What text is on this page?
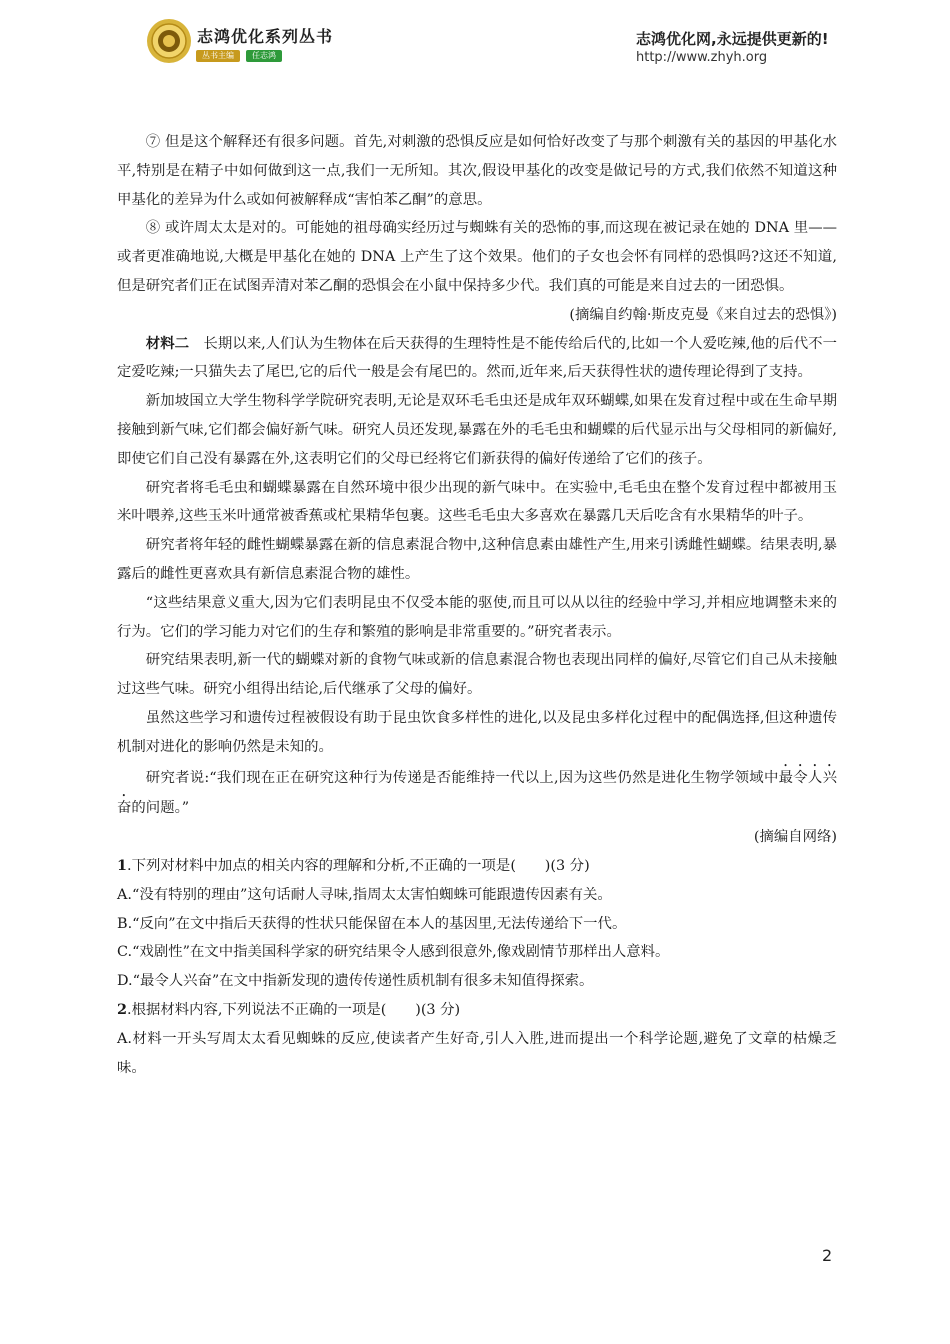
志鸿优化系列丛书
丛书主编	任志鸿
志鸿优化网,永远提供更新的!
http://www.zhyh.org

⑦ 但是这个解释还有很多问题。首先,对刺激的恐惧反应是如何恰好改变了与那个刺激有关的基因的甲基化水平,特别是在精子中如何做到这一点,我们一无所知。其次,假设甲基化的改变是做记号的方式,我们依然不知道这种甲基化的差异为什么或如何被解释成“害怕苯乙酮”的意思。

⑧ 或许周太太是对的。可能她的祖母确实经历过与蜘蛛有关的恐怖的事,而这现在被记录在她的 DNA 里——或者更准确地说,大概是甲基化在她的 DNA 上产生了这个效果。他们的子女也会怀有同样的恐惧吗?这还不知道,但是研究者们正在试图弄清对苯乙酮的恐惧会在小鼠中保持多少代。我们真的可能是来自过去的一团恐惧。

(摘编自约翰·斯皮克曼《来自过去的恐惧》)

材料二　长期以来,人们认为生物体在后天获得的生理特性是不能传给后代的,比如一个人爱吃辣,他的后代不一定爱吃辣;一只猫失去了尾巴,它的后代一般是会有尾巴的。然而,近年来,后天获得性状的遗传理论得到了支持。

新加坡国立大学生物科学学院研究表明,无论是双环毛毛虫还是成年双环蝴蝶,如果在发育过程中或在生命早期接触到新气味,它们都会偏好新气味。研究人员还发现,暴露在外的毛毛虫和蝴蝶的后代显示出与父母相同的新偏好,即使它们自己没有暴露在外,这表明它们的父母已经将它们新获得的偏好传递给了它们的孩子。

研究者将毛毛虫和蝴蝶暴露在自然环境中很少出现的新气味中。在实验中,毛毛虫在整个发育过程中都被用玉米叶喂养,这些玉米叶通常被香蕉或杧果精华包裹。这些毛毛虫大多喜欢在暴露几天后吃含有水果精华的叶子。

研究者将年轻的雌性蝴蝶暴露在新的信息素混合物中,这种信息素由雄性产生,用来引诱雌性蝴蝶。结果表明,暴露后的雌性更喜欢具有新信息素混合物的雄性。

“这些结果意义重大,因为它们表明昆虫不仅受本能的驱使,而且可以从以往的经验中学习,并相应地调整未来的行为。它们的学习能力对它们的生存和繁殖的影响是非常重要的。”研究者表示。

研究结果表明,新一代的蝴蝶对新的食物气味或新的信息素混合物也表现出同样的偏好,尽管它们自己从未接触过这些气味。研究小组得出结论,后代继承了父母的偏好。

虽然这些学习和遗传过程被假设有助于昆虫饮食多样性的进化,以及昆虫多样化过程中的配偶选择,但这种遗传机制对进化的影响仍然是未知的。

研究者说:“我们现在正在研究这种行为传递是否能维持一代以上,因为这些仍然是进化生物学领域中最令人兴奋的问题。”

(摘编自网络)

1.下列对材料中加点的相关内容的理解和分析,不正确的一项是(　　)(3 分)

A.“没有特别的理由”这句话耐人寻味,指周太太害怕蜘蛛可能跟遗传因素有关。

B.“反向”在文中指后天获得的性状只能保留在本人的基因里,无法传递给下一代。

C.“戏剧性”在文中指美国科学家的研究结果令人感到很意外,像戏剧情节那样出人意料。

D.“最令人兴奋”在文中指新发现的遗传传递性质机制有很多未知值得探索。

2.根据材料内容,下列说法不正确的一项是(　　)(3 分)

A.材料一开头写周太太看见蜘蛛的反应,使读者产生好奇,引人入胜,进而提出一个科学论题,避免了文章的枯燥乏味。

2
